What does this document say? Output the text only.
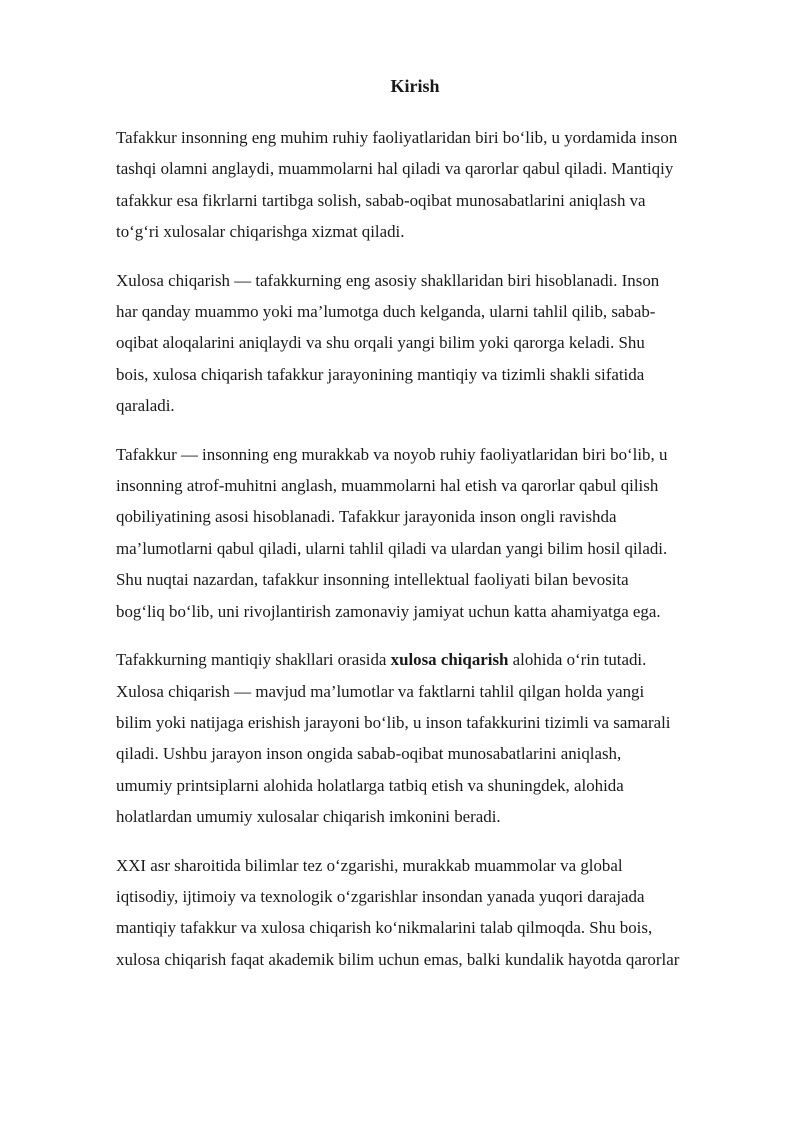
Kirish

Tafakkur insonning eng muhim ruhiy faoliyatlaridan biri bo‘lib, u yordamida inson
tashqi olamni anglaydi, muammolarni hal qiladi va qarorlar qabul qiladi. Mantiqiy
tafakkur esa fikrlarni tartibga solish, sabab-oqibat munosabatlarini aniqlash va
to‘g‘ri xulosalar chiqarishga xizmat qiladi.

Xulosa chiqarish — tafakkurning eng asosiy shakllaridan biri hisoblanadi. Inson
har qanday muammo yoki ma’lumotga duch kelganda, ularni tahlil qilib, sabab-
oqibat aloqalarini aniqlaydi va shu orqali yangi bilim yoki qarorga keladi. Shu
bois, xulosa chiqarish tafakkur jarayonining mantiqiy va tizimli shakli sifatida
qaraladi.

Tafakkur — insonning eng murakkab va noyob ruhiy faoliyatlaridan biri bo‘lib, u
insonning atrof-muhitni anglash, muammolarni hal etish va qarorlar qabul qilish
qobiliyatining asosi hisoblanadi. Tafakkur jarayonida inson ongli ravishda
ma’lumotlarni qabul qiladi, ularni tahlil qiladi va ulardan yangi bilim hosil qiladi.
Shu nuqtai nazardan, tafakkur insonning intellektual faoliyati bilan bevosita
bog‘liq bo‘lib, uni rivojlantirish zamonaviy jamiyat uchun katta ahamiyatga ega.

Tafakkurning mantiqiy shakllari orasida xulosa chiqarish alohida o‘rin tutadi.
Xulosa chiqarish — mavjud ma’lumotlar va faktlarni tahlil qilgan holda yangi
bilim yoki natijaga erishish jarayoni bo‘lib, u inson tafakkurini tizimli va samarali
qiladi. Ushbu jarayon inson ongida sabab-oqibat munosabatlarini aniqlash,
umumiy printsiplarni alohida holatlarga tatbiq etish va shuningdek, alohida
holatlardan umumiy xulosalar chiqarish imkonini beradi.

XXI asr sharoitida bilimlar tez o‘zgarishi, murakkab muammolar va global
iqtisodiy, ijtimoiy va texnologik o‘zgarishlar insondan yanada yuqori darajada
mantiqiy tafakkur va xulosa chiqarish ko‘nikmalarini talab qilmoqda. Shu bois,
xulosa chiqarish faqat akademik bilim uchun emas, balki kundalik hayotda qarorlar
